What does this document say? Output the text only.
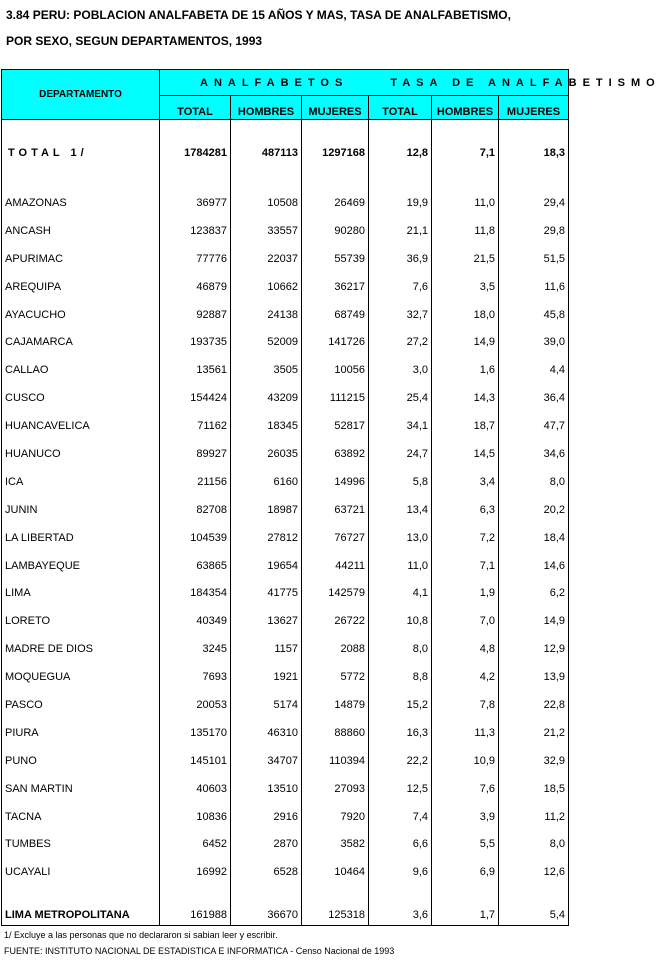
3.84 PERU: POBLACION ANALFABETA DE 15 AÑOS Y MAS, TASA DE ANALFABETISMO,
POR SEXO, SEGUN DEPARTAMENTOS, 1993
DEPARTAMENTO	ANALFABETOS TASA DE ANALFABETISMO					
	TOTAL	HOMBRES	MUJERES	TOTAL	HOMBRES	MUJERES

TOTAL 1/	1784281	487113	1297168	12,8	7,1	18,3

AMAZONAS	36977	10508	26469	19,9	11,0	29,4
ANCASH	123837	33557	90280	21,1	11,8	29,8
APURIMAC	77776	22037	55739	36,9	21,5	51,5
AREQUIPA	46879	10662	36217	7,6	3,5	11,6
AYACUCHO	92887	24138	68749	32,7	18,0	45,8
CAJAMARCA	193735	52009	141726	27,2	14,9	39,0
CALLAO	13561	3505	10056	3,0	1,6	4,4
CUSCO	154424	43209	111215	25,4	14,3	36,4
HUANCAVELICA	71162	18345	52817	34,1	18,7	47,7
HUANUCO	89927	26035	63892	24,7	14,5	34,6
ICA	21156	6160	14996	5,8	3,4	8,0
JUNIN	82708	18987	63721	13,4	6,3	20,2
LA LIBERTAD	104539	27812	76727	13,0	7,2	18,4
LAMBAYEQUE	63865	19654	44211	11,0	7,1	14,6
LIMA	184354	41775	142579	4,1	1,9	6,2
LORETO	40349	13627	26722	10,8	7,0	14,9
MADRE DE DIOS	3245	1157	2088	8,0	4,8	12,9
MOQUEGUA	7693	1921	5772	8,8	4,2	13,9
PASCO	20053	5174	14879	15,2	7,8	22,8
PIURA	135170	46310	88860	16,3	11,3	21,2
PUNO	145101	34707	110394	22,2	10,9	32,9
SAN MARTIN	40603	13510	27093	12,5	7,6	18,5
TACNA	10836	2916	7920	7,4	3,9	11,2
TUMBES	6452	2870	3582	6,6	5,5	8,0
UCAYALI	16992	6528	10464	9,6	6,9	12,6

LIMA METROPOLITANA	161988	36670	125318	3,6	1,7	5,4
1/ Excluye a las personas que no declararon si sabian leer y escribir.
FUENTE: INSTITUTO NACIONAL DE ESTADISTICA E INFORMATICA - Censo Nacional de 1993
